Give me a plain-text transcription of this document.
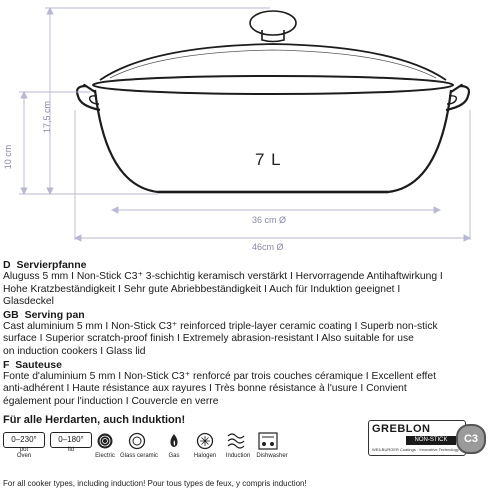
17,5 cm
10 cm	7 L
36 cm Ø
46cm Ø
D Servierpfanne
Aluguss 5 mm I Non-Stick C3⁺ 3-schichtig keramisch verstärkt I Hervorragende Antihaftwirkung I
Hohe Kratzbeständigkeit I Sehr gute Abriebbeständigkeit I Auch für Induktion geeignet I
Glasdeckel
GB Serving pan
Cast aluminium 5 mm I Non-Stick C3⁺ reinforced triple-layer ceramic coating I Superb non-stick
surface I Superior scratch-proof finish I Extremely abrasion-resistant I Also suitable for use
on induction cookers I Glass lid
F Sauteuse
Fonte d'aluminium 5 mm I Non-Stick C3⁺ renforcé par trois couches céramique I Excellent effet
anti-adhérent I Haute résistance aux rayures I Très bonne résistance à l'usure I Convient
également pour l'induction I Couvercle en verre
Für alle Herdarten, auch Induktion!
0–230°
pot
0–180°
lid
Oven	Electric Glass ceramic	Gas	Halogen	Induction	Dishwasher
GREBLON
NON-STICK
WEILBURGER Coatings · Innovative Technology
C3
For all cooker types, including induction! Pour tous types de feux, y compris induction!
